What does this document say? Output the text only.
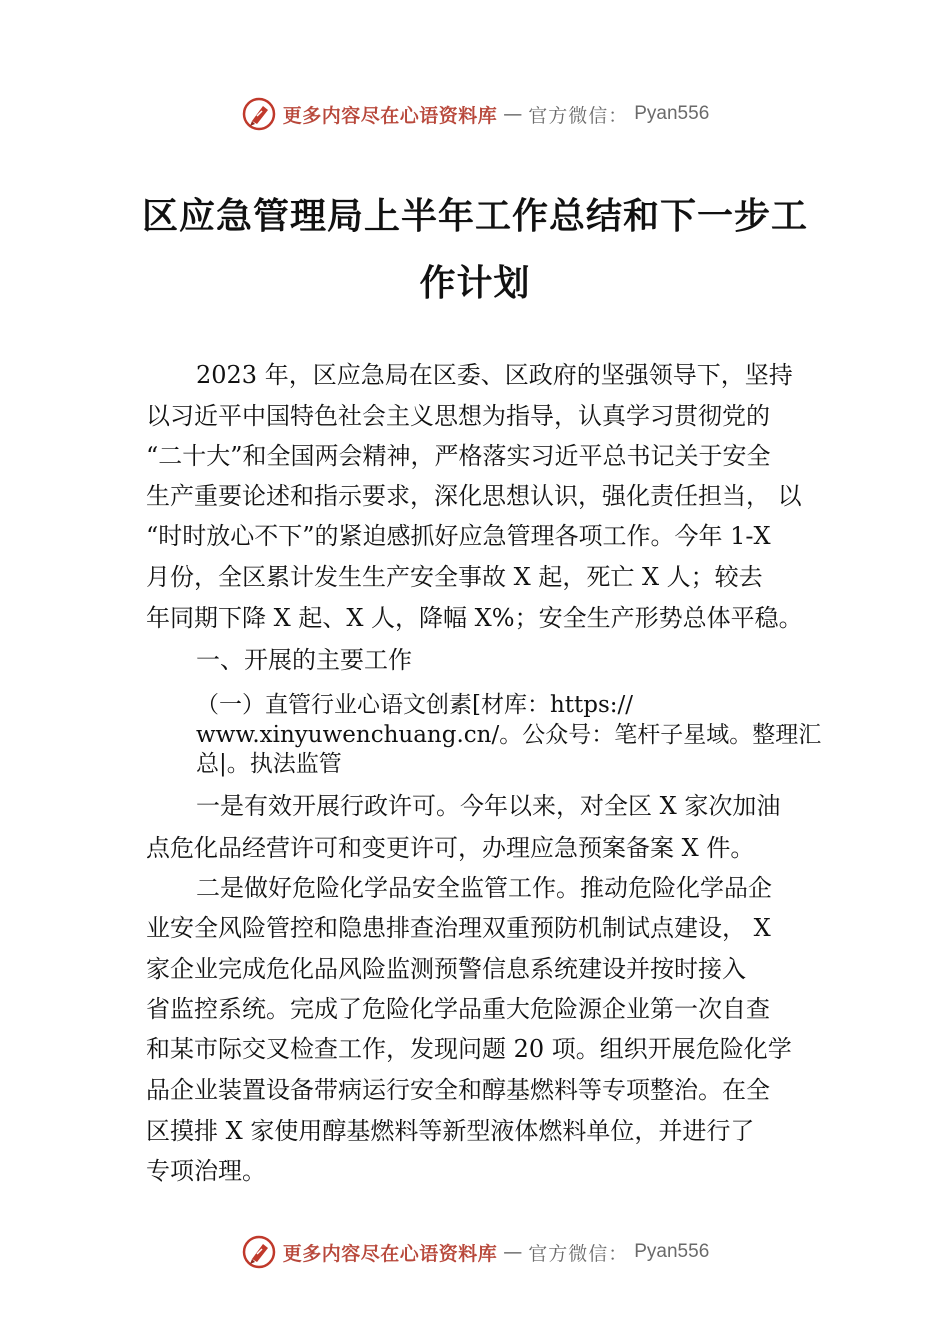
更多内容尽在心语资料库 — 官方微信： Pyan556
区应急管理局上半年工作总结和下一步工
作计划
2023 年，区应急局在区委、区政府的坚强领导下，坚持
以习近平中国特色社会主义思想为指导，认真学习贯彻党的
“二十大”和全国两会精神，严格落实习近平总书记关于安全
生产重要论述和指示要求，深化思想认识，强化责任担当， 以
“时时放心不下”的紧迫感抓好应急管理各项工作。今年 1-X
月份，全区累计发生生产安全事故 X 起，死亡 X 人；较去
年同期下降 X 起、X 人，降幅 X%；安全生产形势总体平稳。
一、开展的主要工作
（一）直管行业心语文创素[材库：https://
www.xinyuwenchuang.cn/。公众号：笔杆子星域。整理汇
总|。执法监管
一是有效开展行政许可。今年以来，对全区 X 家次加油
点危化品经营许可和变更许可，办理应急预案备案 X 件。
二是做好危险化学品安全监管工作。推动危险化学品企
业安全风险管控和隐患排查治理双重预防机制试点建设， X
家企业完成危化品风险监测预警信息系统建设并按时接入
省监控系统。完成了危险化学品重大危险源企业第一次自查
和某市际交叉检查工作，发现问题 20 项。组织开展危险化学
品企业装置设备带病运行安全和醇基燃料等专项整治。在全
区摸排 X 家使用醇基燃料等新型液体燃料单位，并进行了
专项治理。
更多内容尽在心语资料库 — 官方微信： Pyan556
